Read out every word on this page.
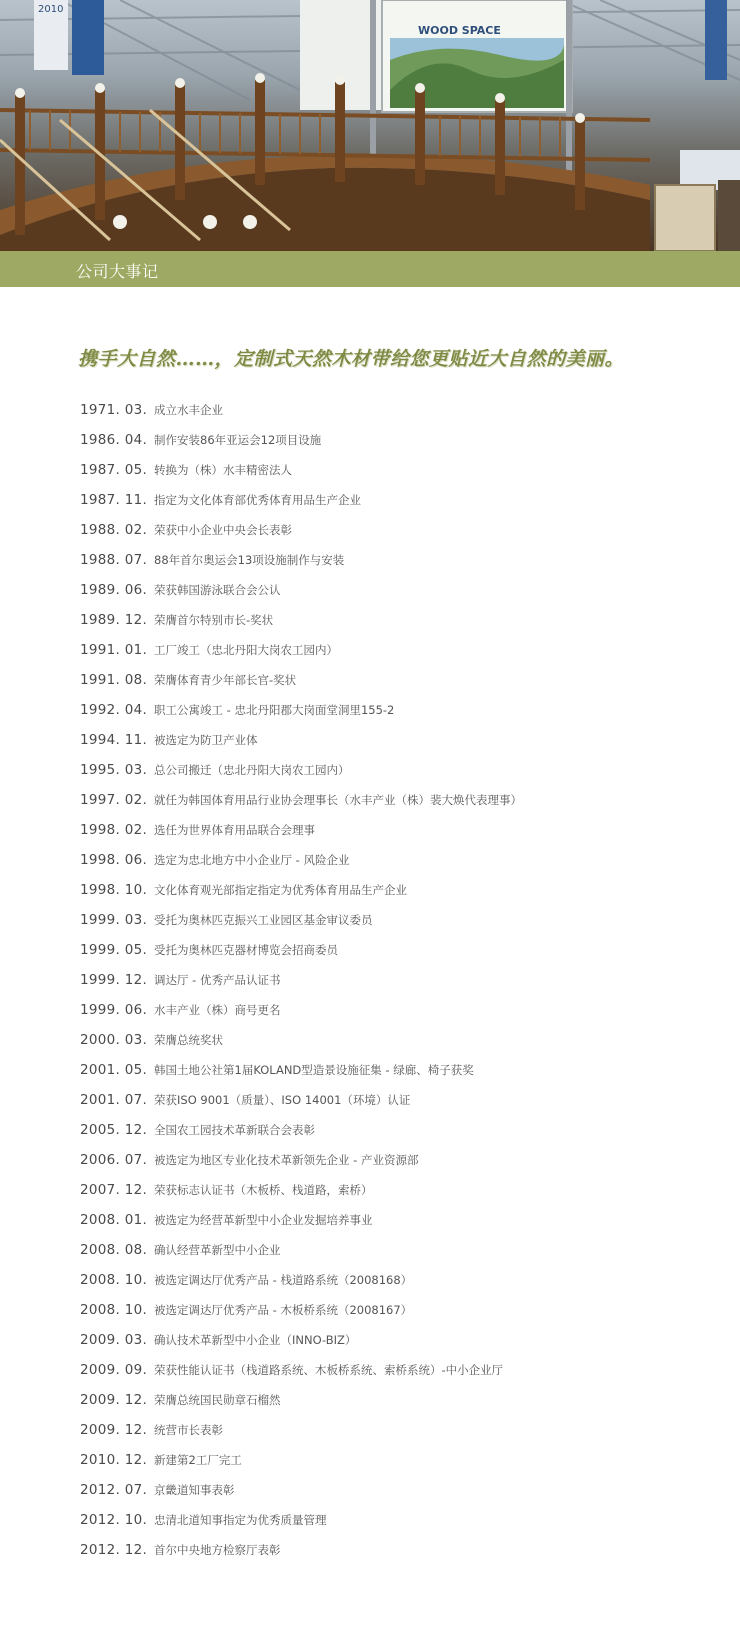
2010
WOOD SPACE
公司大事记
携手大自然……，定制式天然木材带给您更贴近大自然的美丽。
1971. 03. 成立水丰企业
1986. 04. 制作安装86年亚运会12项目设施
1987. 05. 转换为（株）水丰精密法人
1987. 11. 指定为文化体育部优秀体育用品生产企业
1988. 02. 荣获中小企业中央会长表彰
1988. 07. 88年首尔奥运会13项设施制作与安装
1989. 06. 荣获韩国游泳联合会公认
1989. 12. 荣膺首尔特别市长-奖状
1991. 01. 工厂竣工（忠北丹阳大岗农工园内）
1991. 08. 荣膺体育青少年部长官-奖状
1992. 04. 职工公寓竣工 - 忠北丹阳郡大岗面堂洞里155-2
1994. 11. 被选定为防卫产业体
1995. 03. 总公司搬迁（忠北丹阳大岗农工园内）
1997. 02. 就任为韩国体育用品行业协会理事长（水丰产业（株）裴大焕代表理事）
1998. 02. 选任为世界体育用品联合会理事
1998. 06. 选定为忠北地方中小企业厅 - 风险企业
1998. 10. 文化体育观光部指定指定为优秀体育用品生产企业
1999. 03. 受托为奥林匹克振兴工业园区基金审议委员
1999. 05. 受托为奥林匹克器材博览会招商委员
1999. 12. 调达厅 - 优秀产品认证书
1999. 06. 水丰产业（株）商号更名
2000. 03. 荣膺总统奖状
2001. 05. 韩国土地公社第1届KOLAND型造景设施征集 - 绿廊、椅子获奖
2001. 07. 荣获ISO 9001（质量）、ISO 14001（环境）认证
2005. 12. 全国农工园技术革新联合会表彰
2006. 07. 被选定为地区专业化技术革新领先企业 - 产业资源部
2007. 12. 荣获标志认证书（木板桥、栈道路，索桥）
2008. 01. 被选定为经营革新型中小企业发掘培养事业
2008. 08. 确认经营革新型中小企业
2008. 10. 被选定调达厅优秀产品 - 栈道路系统（2008168）
2008. 10. 被选定调达厅优秀产品 - 木板桥系统（2008167）
2009. 03. 确认技术革新型中小企业（INNO-BIZ）
2009. 09. 荣获性能认证书（栈道路系统、木板桥系统、索桥系统）-中小企业厅
2009. 12. 荣膺总统国民勋章石榴然
2009. 12. 统营市长表彰
2010. 12. 新建第2工厂完工
2012. 07. 京畿道知事表彰
2012. 10. 忠清北道知事指定为优秀质量管理
2012. 12. 首尔中央地方检察厅表彰
